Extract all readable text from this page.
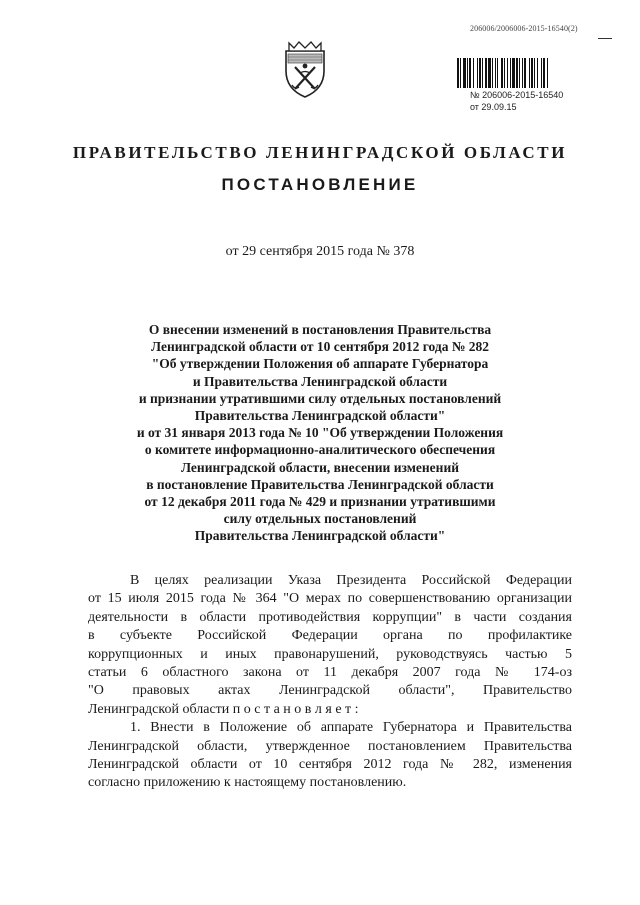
206006/2006006-2015-16540(2)
№ 206006-2015-16540
от 29.09.15
ПРАВИТЕЛЬСТВО ЛЕНИНГРАДСКОЙ ОБЛАСТИ
ПОСТАНОВЛЕНИЕ
от 29 сентября 2015 года № 378
О внесении изменений в постановления Правительства
Ленинградской области от 10 сентября 2012 года № 282
"Об утверждении Положения об аппарате Губернатора
и Правительства Ленинградской области
и признании утратившими силу отдельных постановлений
Правительства Ленинградской области"
и от 31 января 2013 года № 10 "Об утверждении Положения
о комитете информационно-аналитического обеспечения
Ленинградской области, внесении изменений
в постановление Правительства Ленинградской области
от 12 декабря 2011 года № 429 и признании утратившими
силу отдельных постановлений
Правительства Ленинградской области"
В целях реализации Указа Президента Российской Федерации
от 15 июля 2015 года № 364 "О мерах по совершенствованию организации
деятельности в области противодействия коррупции" в части создания
в субъекте Российской Федерации органа по профилактике
коррупционных и иных правонарушений, руководствуясь частью 5
статьи 6 областного закона от 11 декабря 2007 года № 174-оз
"О правовых актах Ленинградской области", Правительство
Ленинградской области п о с т а н о в л я е т :
1. Внести в Положение об аппарате Губернатора и Правительства
Ленинградской области, утвержденное постановлением Правительства
Ленинградской области от 10 сентября 2012 года № 282, изменения
согласно приложению к настоящему постановлению.
